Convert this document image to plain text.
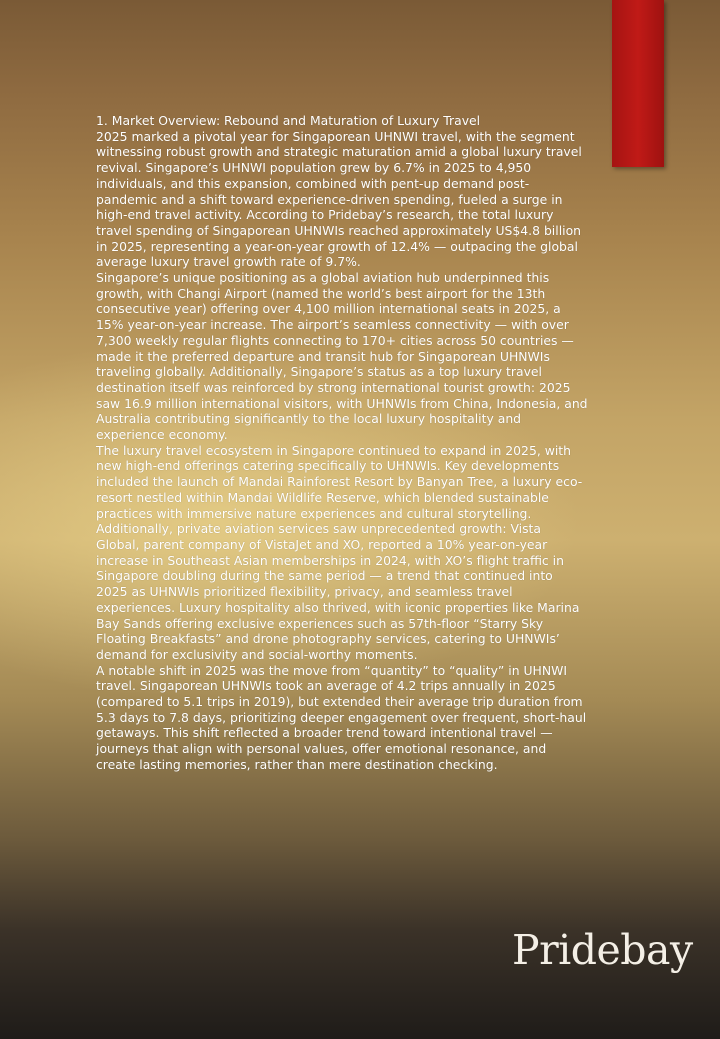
1. Market Overview: Rebound and Maturation of Luxury Travel

2025 marked a pivotal year for Singaporean UHNWI travel, with the segment witnessing robust growth and strategic maturation amid a global luxury travel revival. Singapore’s UHNWI population grew by 6.7% in 2025 to 4,950 individuals, and this expansion, combined with pent-up demand post-pandemic and a shift toward experience-driven spending, fueled a surge in high-end travel activity. According to Pridebay’s research, the total luxury travel spending of Singaporean UHNWIs reached approximately US$4.8 billion in 2025, representing a year-on-year growth of 12.4% — outpacing the global average luxury travel growth rate of 9.7%.

Singapore’s unique positioning as a global aviation hub underpinned this growth, with Changi Airport (named the world’s best airport for the 13th consecutive year) offering over 4,100 million international seats in 2025, a 15% year-on-year increase. The airport’s seamless connectivity — with over 7,300 weekly regular flights connecting to 170+ cities across 50 countries — made it the preferred departure and transit hub for Singaporean UHNWIs traveling globally. Additionally, Singapore’s status as a top luxury travel destination itself was reinforced by strong international tourist growth: 2025 saw 16.9 million international visitors, with UHNWIs from China, Indonesia, and Australia contributing significantly to the local luxury hospitality and experience economy.

The luxury travel ecosystem in Singapore continued to expand in 2025, with new high-end offerings catering specifically to UHNWIs. Key developments included the launch of Mandai Rainforest Resort by Banyan Tree, a luxury eco-resort nestled within Mandai Wildlife Reserve, which blended sustainable practices with immersive nature experiences and cultural storytelling. Additionally, private aviation services saw unprecedented growth: Vista Global, parent company of VistaJet and XO, reported a 10% year-on-year increase in Southeast Asian memberships in 2024, with XO’s flight traffic in Singapore doubling during the same period — a trend that continued into 2025 as UHNWIs prioritized flexibility, privacy, and seamless travel experiences. Luxury hospitality also thrived, with iconic properties like Marina Bay Sands offering exclusive experiences such as 57th-floor “Starry Sky Floating Breakfasts” and drone photography services, catering to UHNWIs’ demand for exclusivity and social-worthy moments.

A notable shift in 2025 was the move from “quantity” to “quality” in UHNWI travel. Singaporean UHNWIs took an average of 4.2 trips annually in 2025 (compared to 5.1 trips in 2019), but extended their average trip duration from 5.3 days to 7.8 days, prioritizing deeper engagement over frequent, short-haul getaways. This shift reflected a broader trend toward intentional travel — journeys that align with personal values, offer emotional resonance, and create lasting memories, rather than mere destination checking.

Pridebay
